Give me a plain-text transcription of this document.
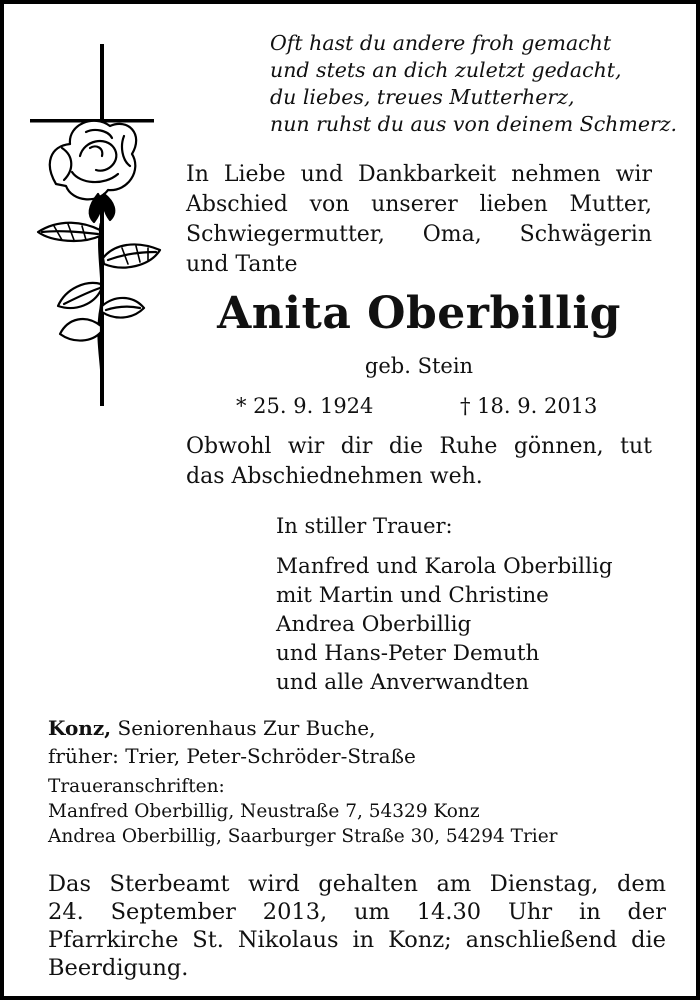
Oft hast du andere froh gemacht
und stets an dich zuletzt gedacht,
du liebes, treues Mutterherz,
nun ruhst du aus von deinem Schmerz.
In Liebe und Dankbarkeit nehmen wir
Abschied von unserer lieben Mutter,
Schwiegermutter, Oma, Schwägerin
und Tante
Anita Oberbillig
geb. Stein
* 25. 9. 1924	† 18. 9. 2013
Obwohl wir dir die Ruhe gönnen, tut
das Abschiednehmen weh.
In stiller Trauer:
Manfred und Karola Oberbillig
mit Martin und Christine
Andrea Oberbillig
und Hans-Peter Demuth
und alle Anverwandten
Konz, Seniorenhaus Zur Buche,
früher: Trier, Peter-Schröder-Straße
Traueranschriften:
Manfred Oberbillig, Neustraße 7, 54329 Konz
Andrea Oberbillig, Saarburger Straße 30, 54294 Trier
Das Sterbeamt wird gehalten am Dienstag, dem
24. September 2013, um 14.30 Uhr in der
Pfarrkirche St. Nikolaus in Konz; anschließend die
Beerdigung.
